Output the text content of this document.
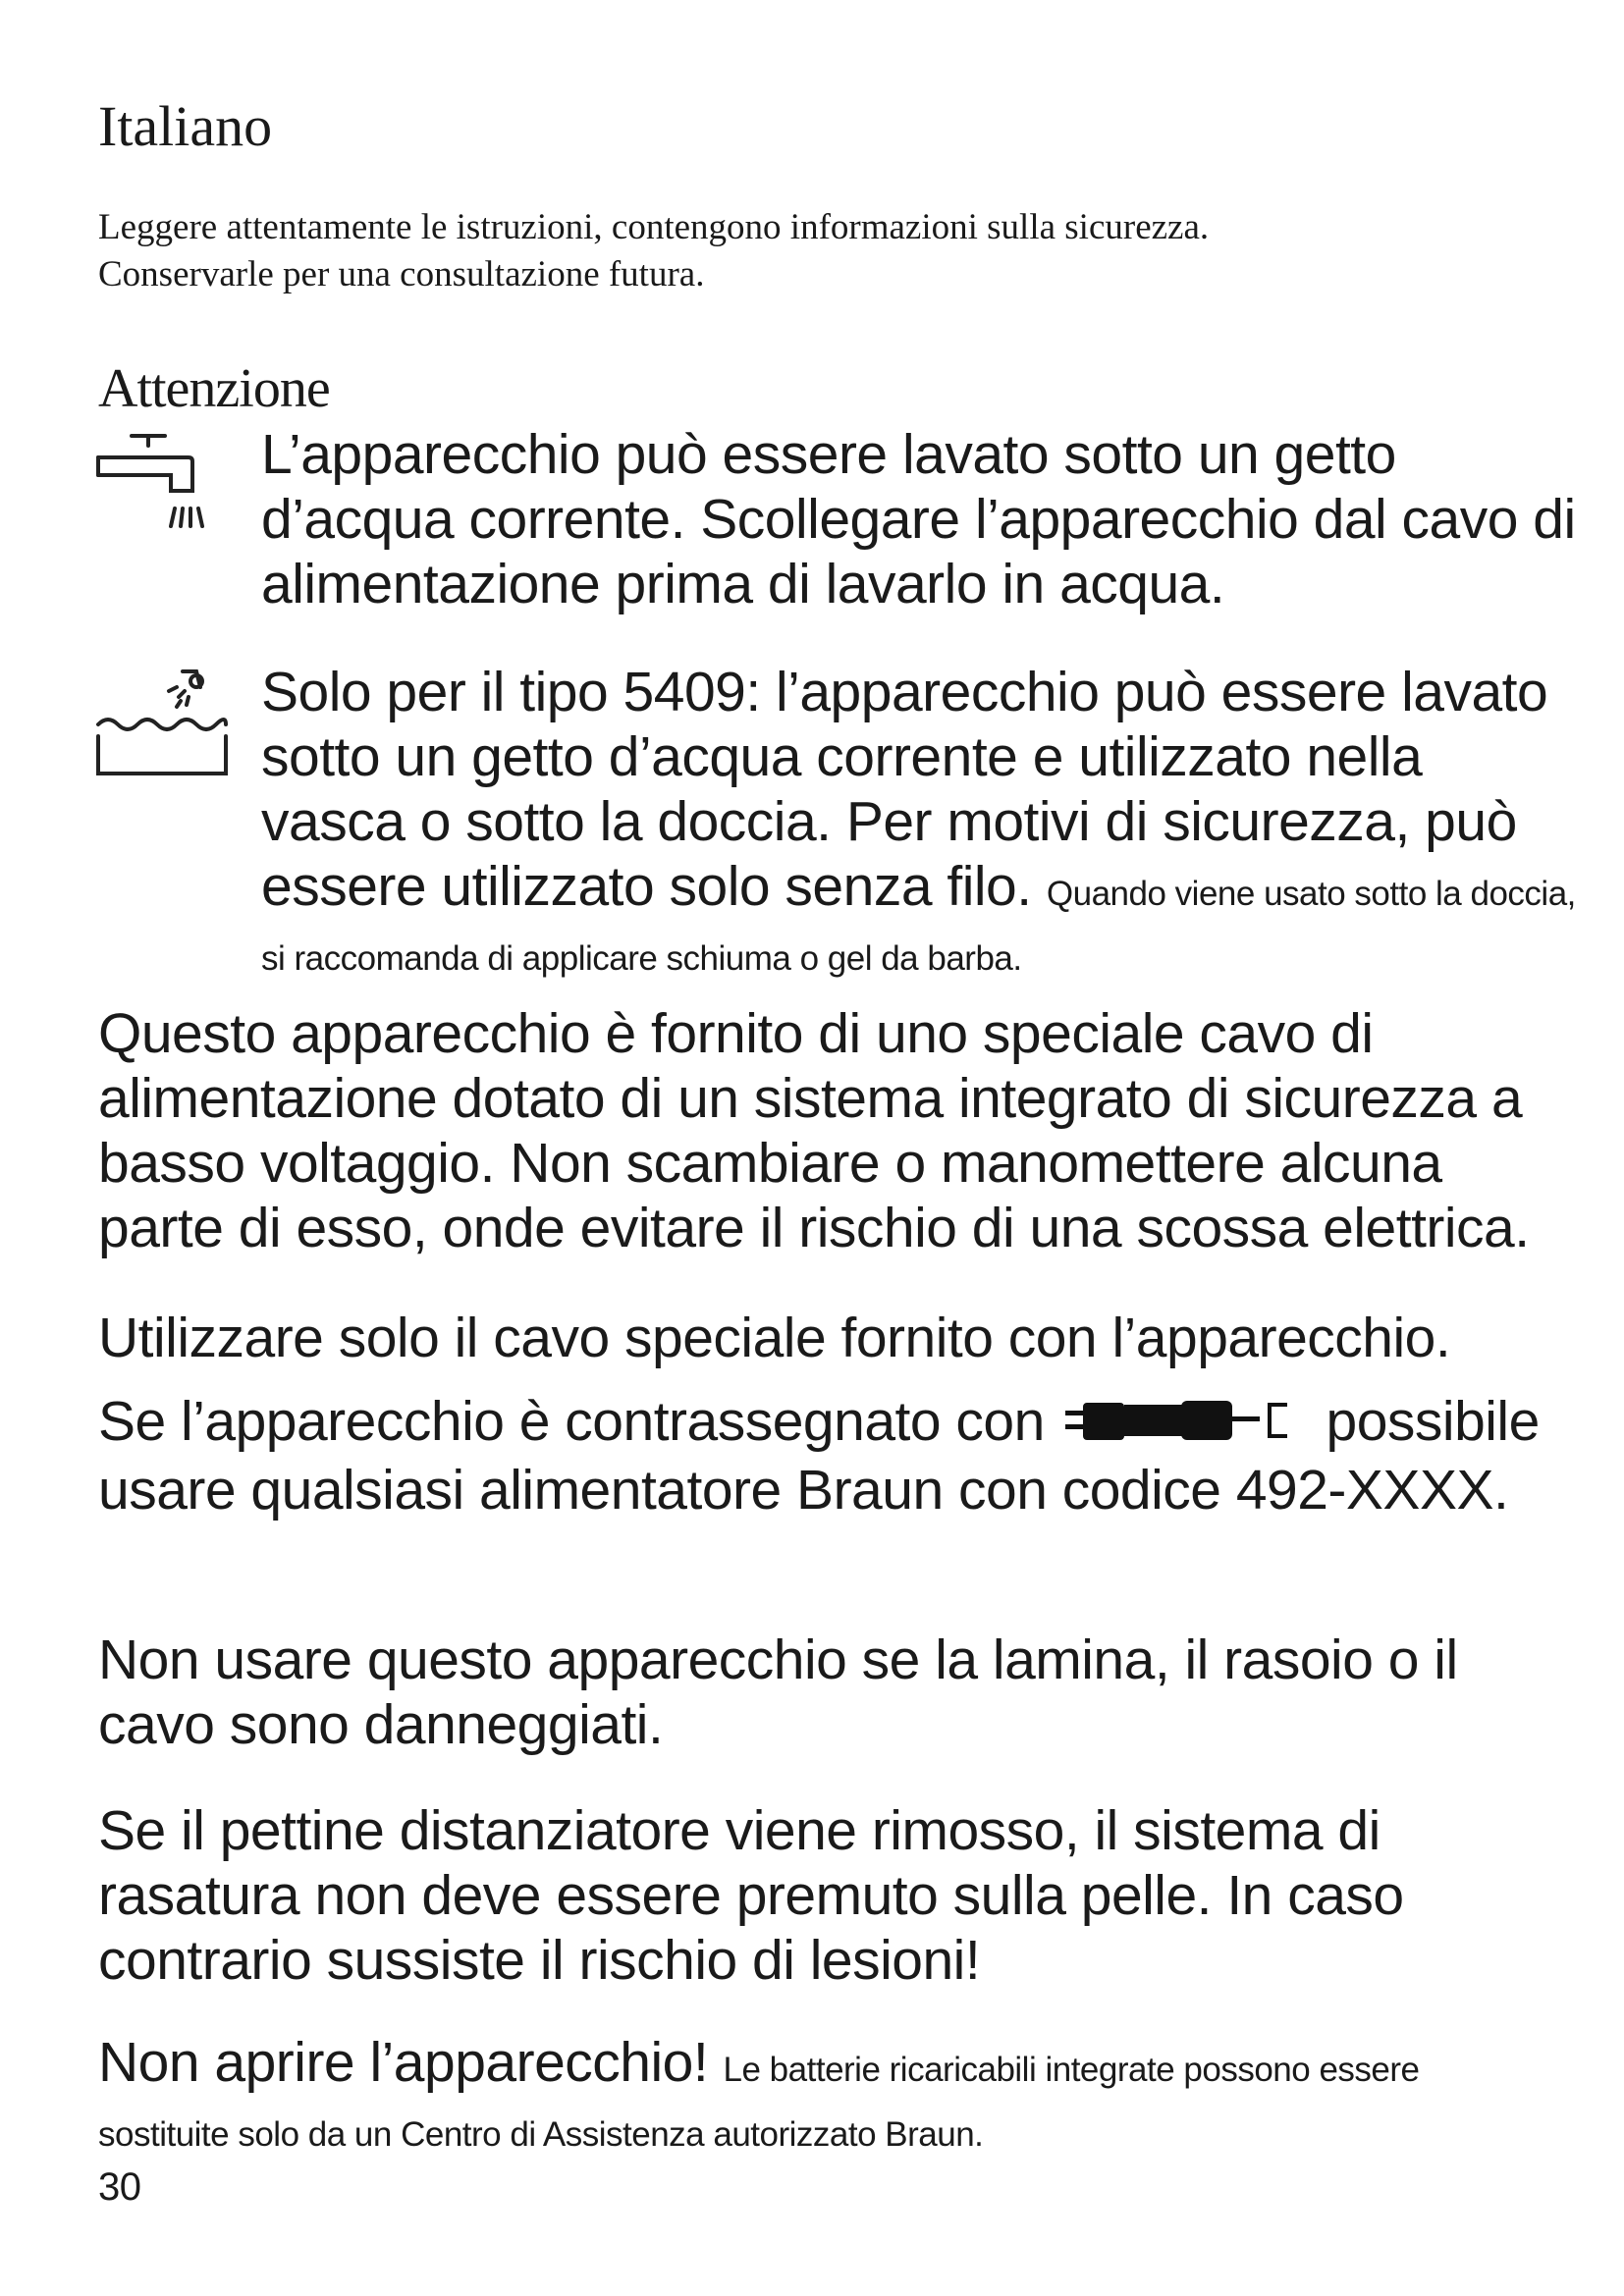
Italiano

Leggere attentamente le istruzioni, contengono informazioni sulla sicurezza. Conservarle per una consultazione futura.

Attenzione
L’apparecchio può essere lavato sotto un getto d’acqua corrente. Scollegare l’apparecchio dal cavo di alimentazione prima di lavarlo in acqua.
Solo per il tipo 5409: l’apparecchio può essere lavato sotto un getto d’acqua corrente e utilizzato nella vasca o sotto la doccia. Per motivi di sicurezza, può essere utilizzato solo senza filo. Quando viene usato sotto la doccia, si raccomanda di applicare schiuma o gel da barba.

Questo apparecchio è fornito di uno speciale cavo di alimentazione dotato di un sistema integrato di sicurezza a basso voltaggio. Non scambiare o manomettere alcuna parte di esso, onde evitare il rischio di una scossa elettrica.

Utilizzare solo il cavo speciale fornito con l’apparecchio.

Se l’apparecchio è contrassegnato con	possibile usare qualsiasi alimentatore Braun con codice 492-XXXX.

Non usare questo apparecchio se la lamina, il rasoio o il cavo sono danneggiati.

Se il pettine distanziatore viene rimosso, il sistema di rasatura non deve essere premuto sulla pelle. In caso contrario sussiste il rischio di lesioni!

Non aprire l’apparecchio! Le batterie ricaricabili integrate possono essere sostituite solo da un Centro di Assistenza autorizzato Braun.

30
